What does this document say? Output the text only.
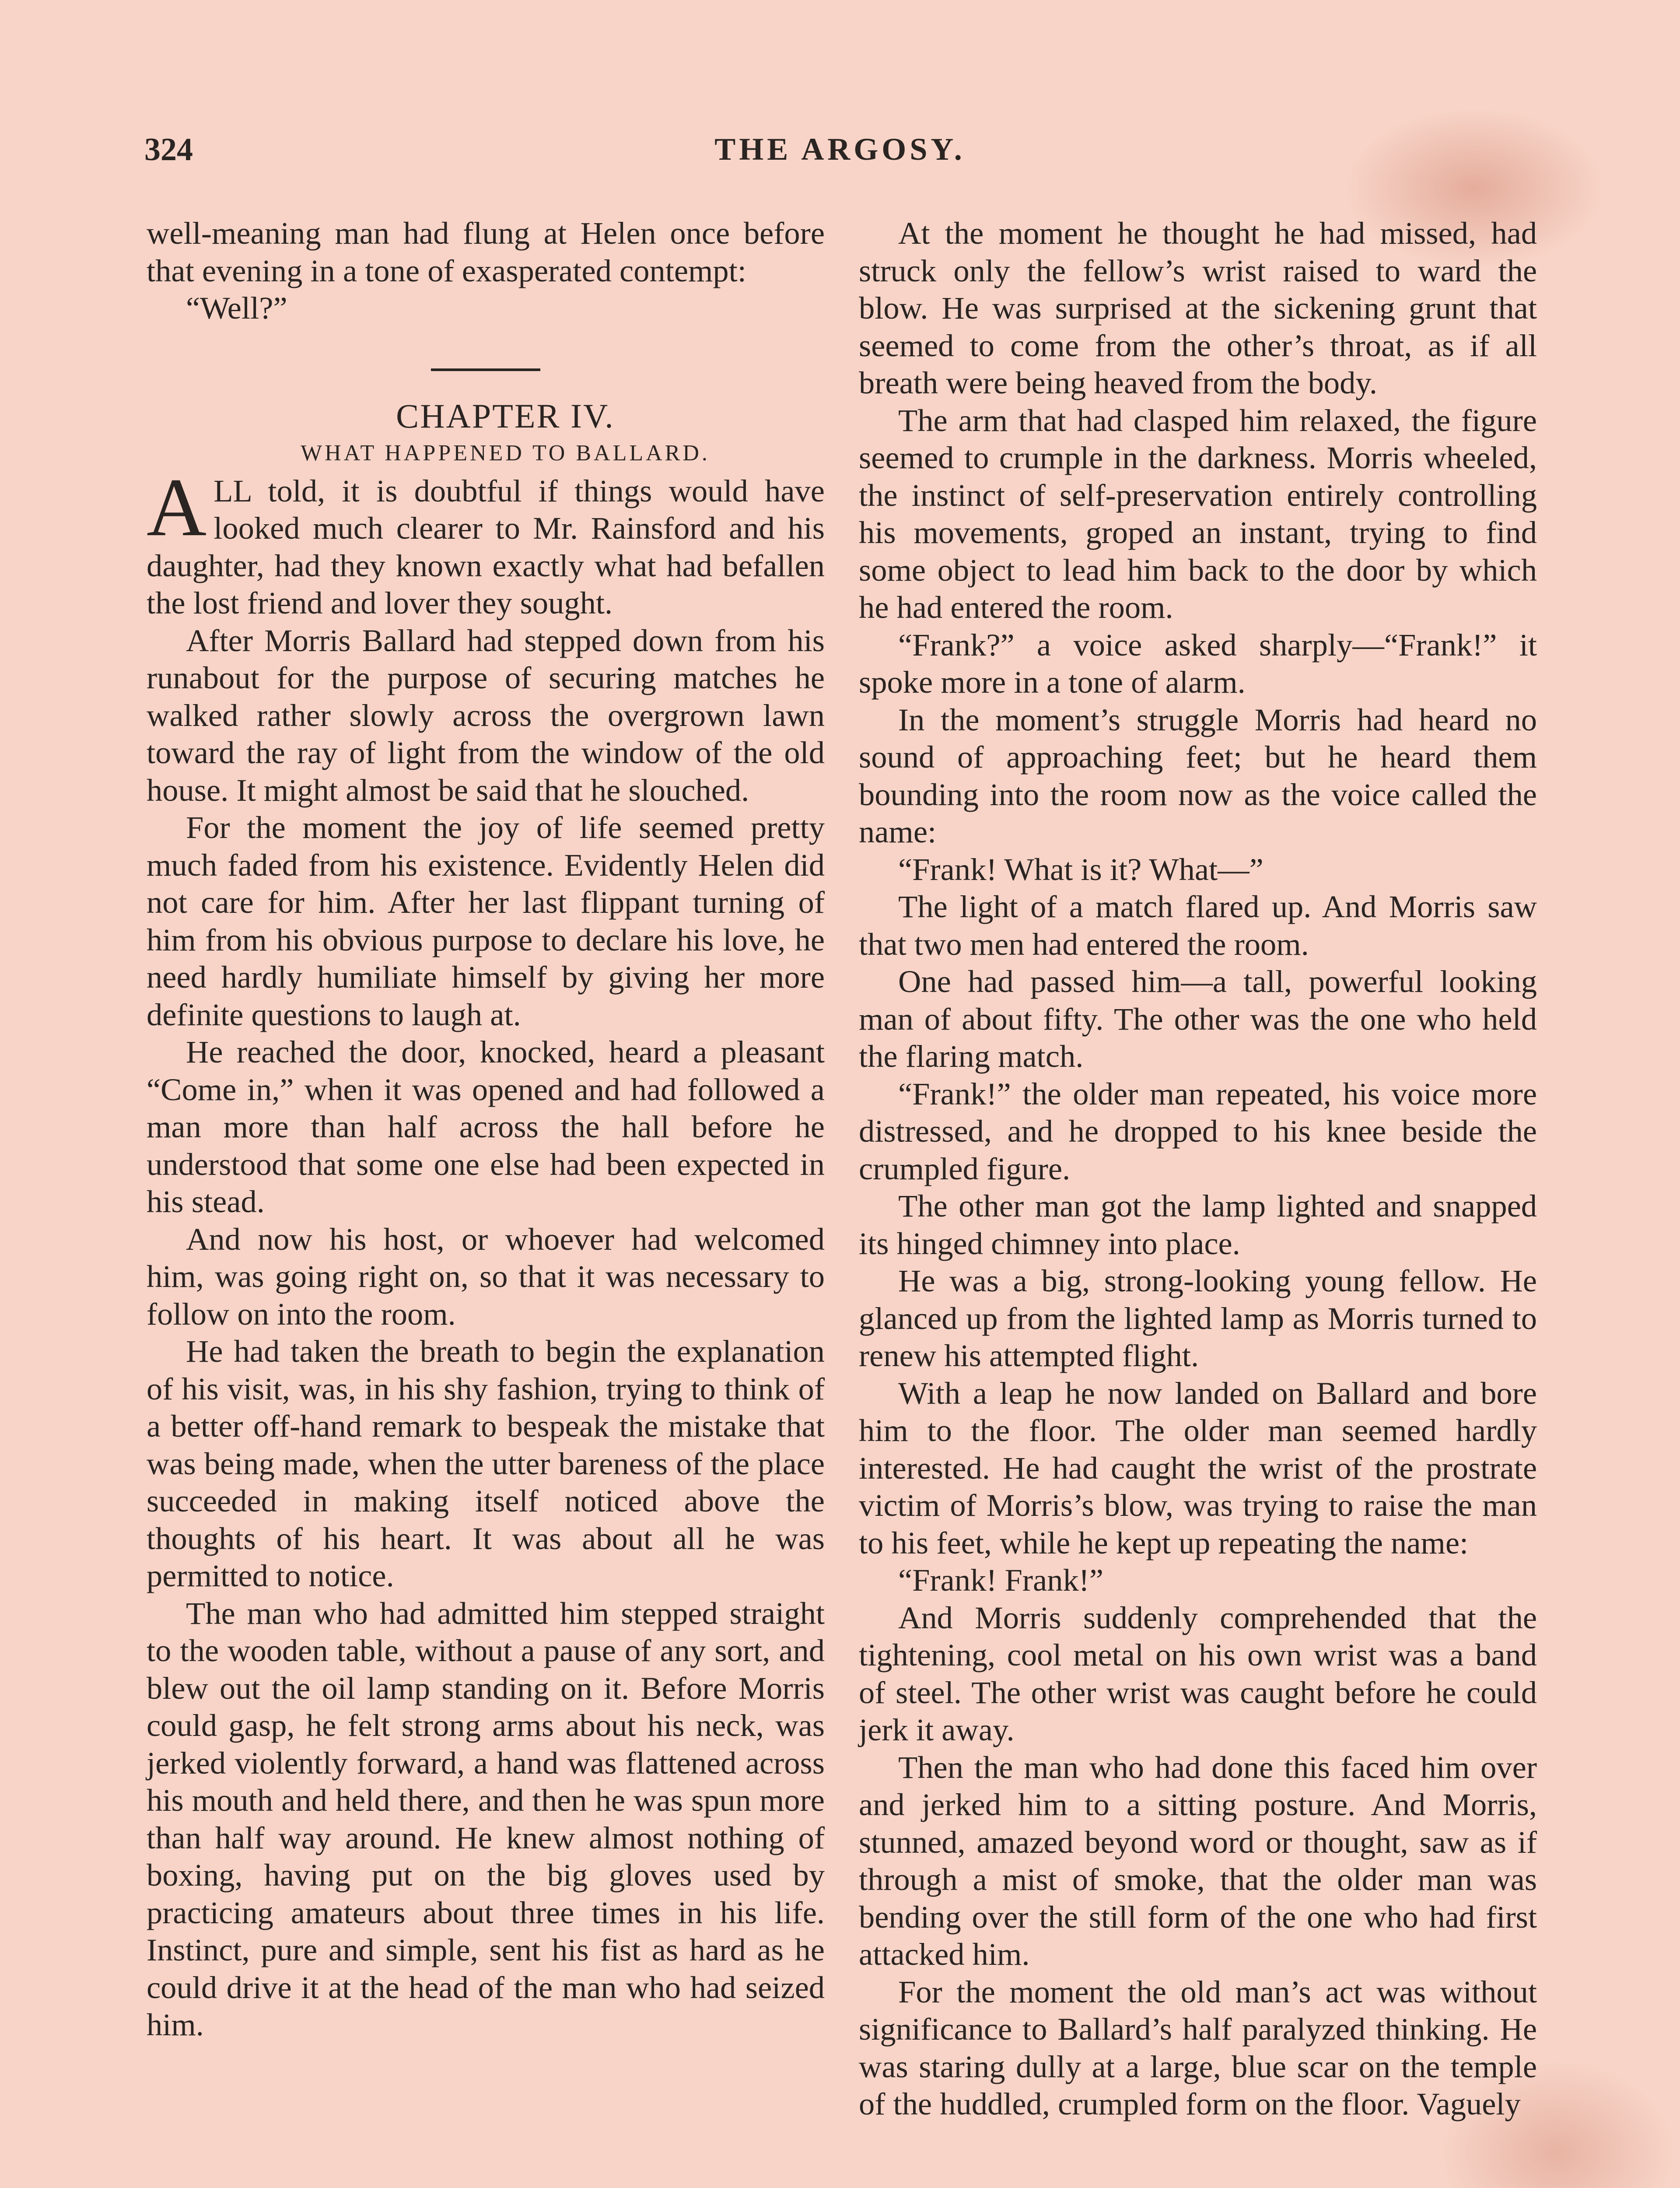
324	THE ARGOSY.

well-meaning man had flung at Helen once before that evening in a tone of exasperated contempt:

“Well?”

CHAPTER IV.

WHAT HAPPENED TO BALLARD.

ALL told, it is doubtful if things would have looked much clearer to Mr. Rainsford and his daughter, had they known exactly what had befallen the lost friend and lover they sought.

After Morris Ballard had stepped down from his runabout for the purpose of securing matches he walked rather slowly across the overgrown lawn toward the ray of light from the window of the old house. It might almost be said that he slouched.

For the moment the joy of life seemed pretty much faded from his existence. Evidently Helen did not care for him. After her last flippant turning of him from his obvious purpose to declare his love, he need hardly humiliate himself by giving her more definite questions to laugh at.

He reached the door, knocked, heard a pleasant “Come in,” when it was opened and had followed a man more than half across the hall before he understood that some one else had been expected in his stead.

And now his host, or whoever had welcomed him, was going right on, so that it was necessary to follow on into the room.

He had taken the breath to begin the explanation of his visit, was, in his shy fashion, trying to think of a better off-hand remark to bespeak the mistake that was being made, when the utter bareness of the place succeeded in making itself noticed above the thoughts of his heart. It was about all he was permitted to notice.

The man who had admitted him stepped straight to the wooden table, without a pause of any sort, and blew out the oil lamp standing on it. Before Morris could gasp, he felt strong arms about his neck, was jerked violently forward, a hand was flattened across his mouth and held there, and then he was spun more than half way around. He knew almost nothing of boxing, having put on the big gloves used by practicing amateurs about three times in his life. Instinct, pure and simple, sent his fist as hard as he could drive it at the head of the man who had seized him.

At the moment he thought he had missed, had struck only the fellow’s wrist raised to ward the blow. He was surprised at the sickening grunt that seemed to come from the other’s throat, as if all breath were being heaved from the body.

The arm that had clasped him relaxed, the figure seemed to crumple in the darkness. Morris wheeled, the instinct of self-preservation entirely controlling his movements, groped an instant, trying to find some object to lead him back to the door by which he had entered the room.

“Frank?” a voice asked sharply—“Frank!” it spoke more in a tone of alarm.

In the moment’s struggle Morris had heard no sound of approaching feet; but he heard them bounding into the room now as the voice called the name:

“Frank! What is it? What—”

The light of a match flared up. And Morris saw that two men had entered the room.

One had passed him—a tall, powerful looking man of about fifty. The other was the one who held the flaring match.

“Frank!” the older man repeated, his voice more distressed, and he dropped to his knee beside the crumpled figure.

The other man got the lamp lighted and snapped its hinged chimney into place.

He was a big, strong-looking young fellow. He glanced up from the lighted lamp as Morris turned to renew his attempted flight.

With a leap he now landed on Ballard and bore him to the floor. The older man seemed hardly interested. He had caught the wrist of the prostrate victim of Morris’s blow, was trying to raise the man to his feet, while he kept up repeating the name:

“Frank! Frank!”

And Morris suddenly comprehended that the tightening, cool metal on his own wrist was a band of steel. The other wrist was caught before he could jerk it away.

Then the man who had done this faced him over and jerked him to a sitting posture. And Morris, stunned, amazed beyond word or thought, saw as if through a mist of smoke, that the older man was bending over the still form of the one who had first attacked him.

For the moment the old man’s act was without significance to Ballard’s half paralyzed thinking. He was staring dully at a large, blue scar on the temple of the huddled, crumpled form on the floor. Vaguely
